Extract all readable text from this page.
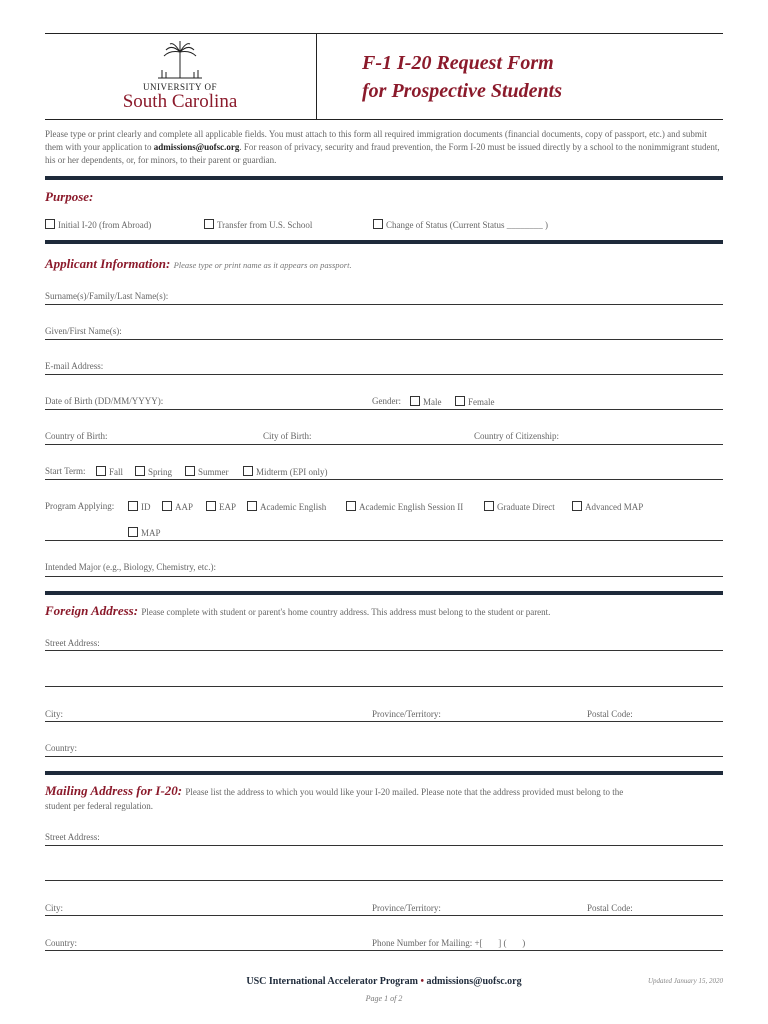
UNIVERSITY OF
South Carolina
F-1 I-20 Request Form
for Prospective Students
Please type or print clearly and complete all applicable fields. You must attach to this form all required immigration documents (financial documents, copy of passport, etc.) and submit them with your application to admissions@uofsc.org. For reason of privacy, security and fraud prevention, the Form I-20 must be issued directly by a school to the nonimmigrant student, his or her dependents, or, for minors, to their parent or guardian.
Purpose:
Initial I-20 (from Abroad)	Transfer from U.S. School	Change of Status (Current Status ________ )
Applicant Information: Please type or print name as it appears on passport.
Surname(s)/Family/Last Name(s):
Given/First Name(s):
E-mail Address:
Date of Birth (DD/MM/YYYY):	Gender:	Male	Female
Country of Birth:	City of Birth:	Country of Citizenship:
Start Term:	Fall	Spring	Summer	Midterm (EPI only)
Program Applying:	ID	AAP	EAP	Academic English	Academic English Session II	Graduate Direct	Advanced MAP
MAP
Intended Major (e.g., Biology, Chemistry, etc.):
Foreign Address: Please complete with student or parent's home country address. This address must belong to the student or parent.
Street Address:
City:	Province/Territory:	Postal Code:
Country:
Mailing Address for I-20: Please list the address to which you would like your I-20 mailed. Please note that the address provided must belong to the
student per federal regulation.
Street Address:
City:	Province/Territory:	Postal Code:
Country:	Phone Number for Mailing: +[       ] (       )
USC International Accelerator Program • admissions@uofsc.org	Updated January 15, 2020
Page 1 of 2
